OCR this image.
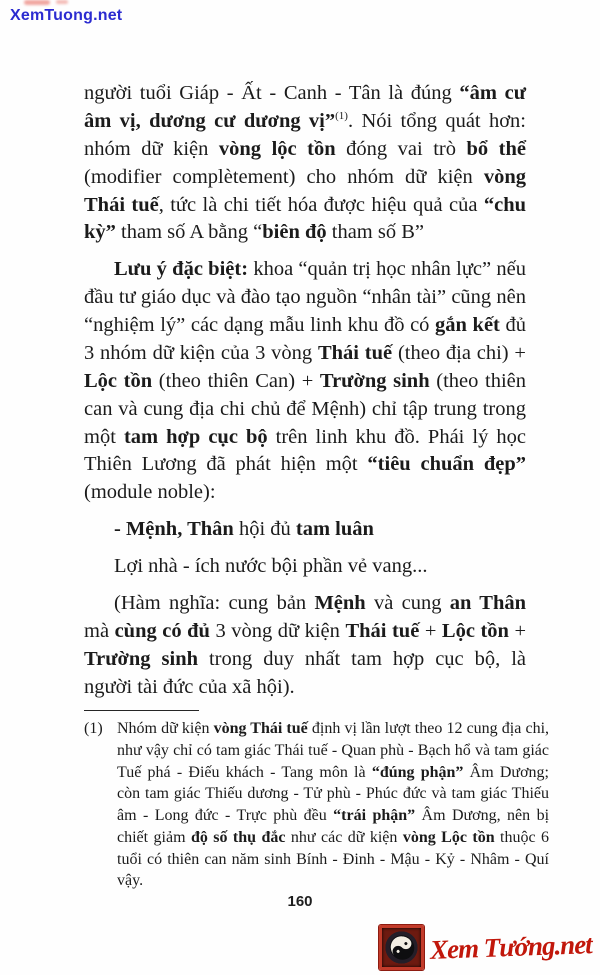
XemTuong.net

người tuổi Giáp - Ất - Canh - Tân là đúng “âm cư âm vị, dương cư dương vị”$^{(1)}$. Nói tổng quát hơn: nhóm dữ kiện vòng lộc tồn đóng vai trò bổ thể (modifier complètement) cho nhóm dữ kiện vòng Thái tuế, tức là chi tiết hóa được hiệu quả của “chu kỳ” tham số A bằng “biên độ tham số B”

Lưu ý đặc biệt: khoa “quản trị học nhân lực” nếu đầu tư giáo dục và đào tạo nguồn “nhân tài” cũng nên “nghiệm lý” các dạng mẫu linh khu đồ có gắn kết đủ 3 nhóm dữ kiện của 3 vòng Thái tuế (theo địa chi) + Lộc tồn (theo thiên Can) + Trường sinh (theo thiên can và cung địa chi chủ để Mệnh) chỉ tập trung trong một tam hợp cục bộ trên linh khu đồ. Phái lý học Thiên Lương đã phát hiện một “tiêu chuẩn đẹp” (module noble):

- Mệnh, Thân hội đủ tam luân

Lợi nhà - ích nước bội phần vẻ vang...

(Hàm nghĩa: cung bản Mệnh và cung an Thân mà cùng có đủ 3 vòng dữ kiện Thái tuế + Lộc tồn + Trường sinh trong duy nhất tam hợp cục bộ, là người tài đức của xã hội).

(1) Nhóm dữ kiện vòng Thái tuế định vị lần lượt theo 12 cung địa chi, như vậy chỉ có tam giác Thái tuế - Quan phù - Bạch hổ và tam giác Tuế phá - Điếu khách - Tang môn là “đúng phận” Âm Dương; còn tam giác Thiếu dương - Tử phù - Phúc đức và tam giác Thiếu âm - Long đức - Trực phù đều “trái phận” Âm Dương, nên bị chiết giảm độ số thụ đắc như các dữ kiện vòng Lộc tồn thuộc 6 tuổi có thiên can năm sinh Bính - Đinh - Mậu - Kỷ - Nhâm - Quí vậy.
160
Xem Tướng.net
